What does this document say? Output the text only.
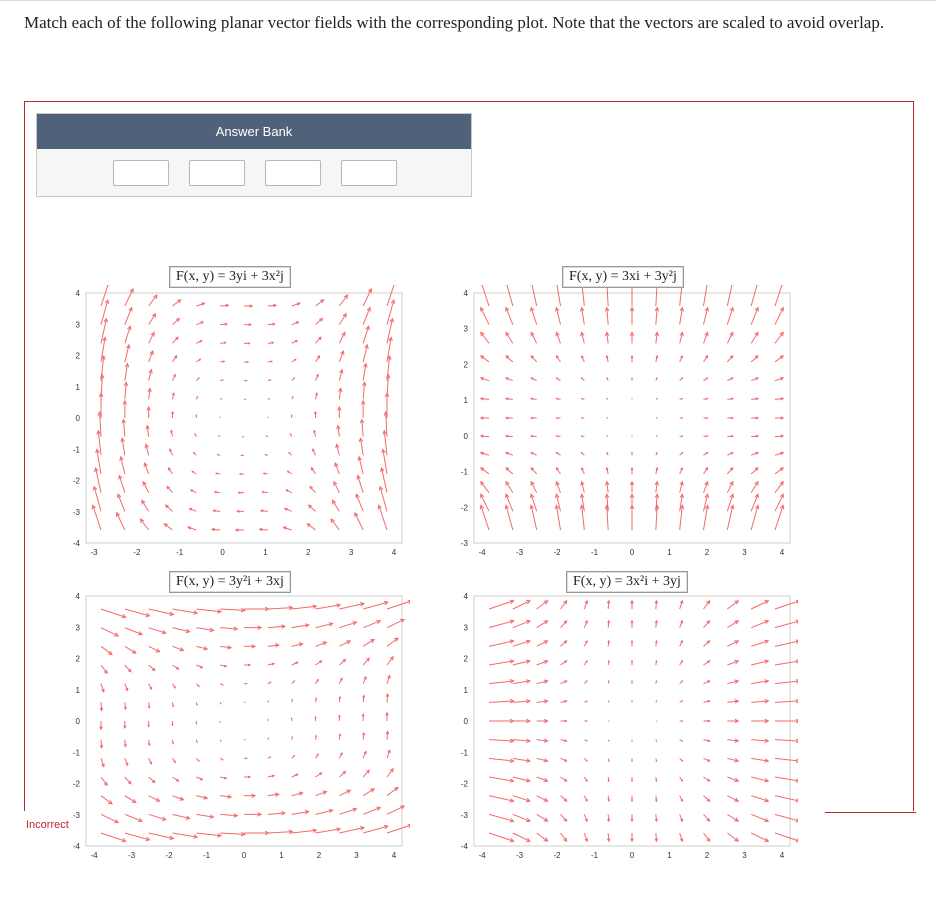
Match each of the following planar vector fields with the corresponding plot. Note that the vectors are scaled to avoid overlap.
Answer Bank
-3	-2	-1	0	1	2	3	4
4
3
2
1
0
-1
-2
-3
-4
-4	-3	-2	-1	0	1	2	3	4
4
3
2
1
0
-1
-2
-3
-4	-3	-2	-1	0	1	2	3	4
4
3
2
1
0
-1
-2
-3
-4
-4	-3	-2	-1	0	1	2	3	4
4
3
2
1
0
-1
-2
-3
-4
F(x, y) = 3yi + 3x²j	F(x, y) = 3xi + 3y²j
F(x, y) = 3y²i + 3xj	F(x, y) = 3x²i + 3yj
Incorrect
